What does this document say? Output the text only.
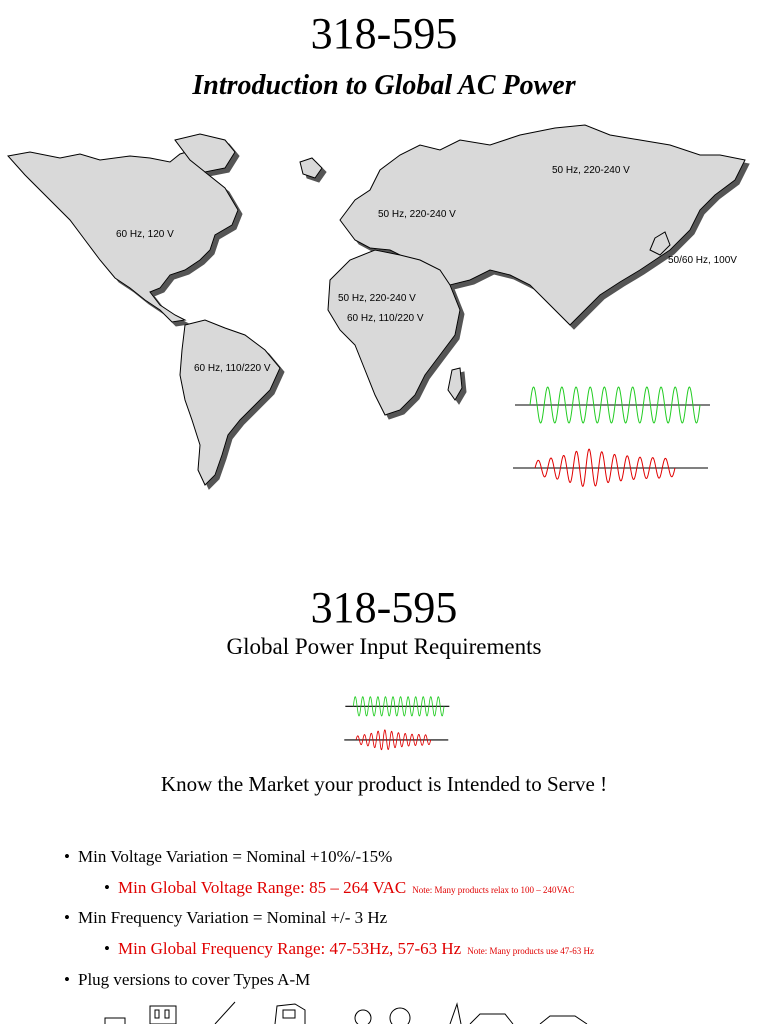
318-595
Introduction to Global AC Power
60 Hz, 120 V
50 Hz, 220-240 V
50 Hz, 220-240 V
50/60 Hz, 100V
50 Hz, 220-240 V
60 Hz, 110/220 V
60 Hz, 110/220 V
318-595
Global Power Input Requirements
Know the Market your product is Intended to Serve !
• Min Voltage Variation = Nominal +10%/-15%
• Min Global Voltage Range: 85 – 264 VAC Note: Many products relax to 100 – 240VAC
• Min Frequency Variation = Nominal +/- 3 Hz
• Min Global Frequency Range: 47-53Hz, 57-63 Hz Note: Many products use 47-63 Hz
• Plug versions to cover Types A-M
